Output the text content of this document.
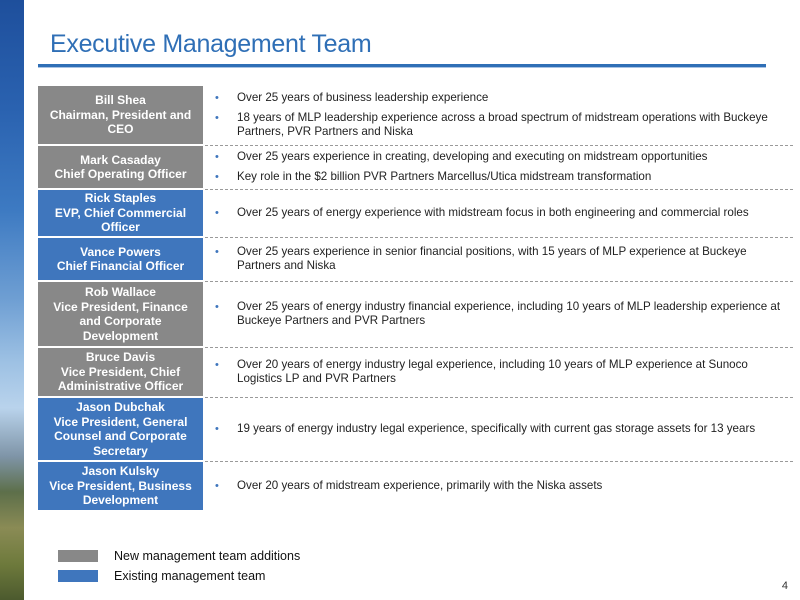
Executive Management Team
Bill Shea
Chairman, President and
CEO
• Over 25 years of business leadership experience
• 18 years of MLP leadership experience across a broad spectrum of midstream operations with Buckeye Partners, PVR Partners and Niska
Mark Casaday
Chief Operating Officer
• Over 25 years experience in creating, developing and executing on midstream opportunities
• Key role in the $2 billion PVR Partners Marcellus/Utica midstream transformation
Rick Staples
EVP, Chief Commercial
Officer
• Over 25 years of energy experience with midstream focus in both engineering and commercial roles
Vance Powers
Chief Financial Officer
• Over 25 years experience in senior financial positions, with 15 years of MLP experience at Buckeye Partners and Niska
Rob Wallace
Vice President, Finance
and Corporate
Development
• Over 25 years of energy industry financial experience, including 10 years of MLP leadership experience at Buckeye Partners and PVR Partners
Bruce Davis
Vice President, Chief
Administrative Officer
• Over 20 years of energy industry legal experience, including 10 years of MLP experience at Sunoco Logistics LP and PVR Partners
Jason Dubchak
Vice President, General
Counsel and Corporate
Secretary
• 19 years of energy industry legal experience, specifically with current gas storage assets for 13 years
Jason Kulsky
Vice President, Business
Development
• Over 20 years of midstream experience, primarily with the Niska assets
New management team additions
Existing management team
4
